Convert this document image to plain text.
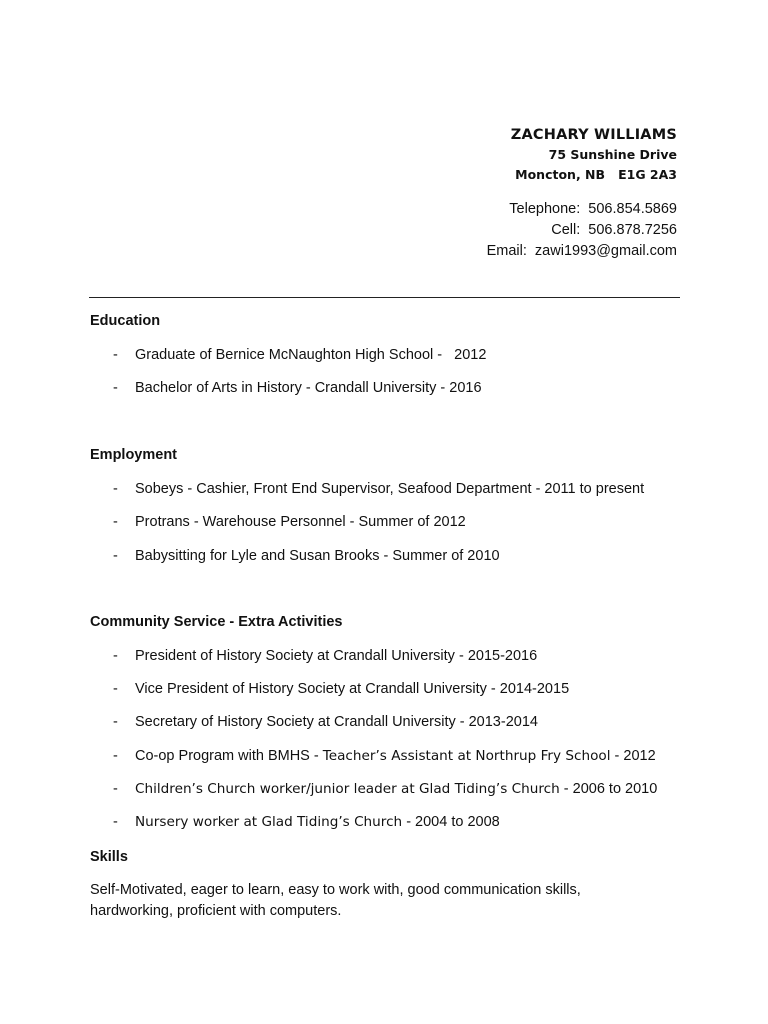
ZACHARY WILLIAMS
75 Sunshine Drive
Moncton, NB   E1G 2A3
Telephone:  506.854.5869
Cell:  506.878.7256
Email:  zawi1993@gmail.com
Education
- Graduate of Bernice McNaughton High School -   2012
- Bachelor of Arts in History - Crandall University - 2016
Employment
- Sobeys - Cashier, Front End Supervisor, Seafood Department - 2011 to present
- Protrans - Warehouse Personnel - Summer of 2012
- Babysitting for Lyle and Susan Brooks - Summer of 2010
Community Service - Extra Activities
- President of History Society at Crandall University - 2015-2016
- Vice President of History Society at Crandall University - 2014-2015
- Secretary of History Society at Crandall University - 2013-2014
- Co-op Program with BMHS - Teacher’s Assistant at Northrup Fry School - 2012
- Children’s Church worker/junior leader at Glad Tiding’s Church - 2006 to 2010
- Nursery worker at Glad Tiding’s Church - 2004 to 2008
Skills
Self-Motivated, eager to learn, easy to work with, good communication skills, hardworking, proficient with computers.
